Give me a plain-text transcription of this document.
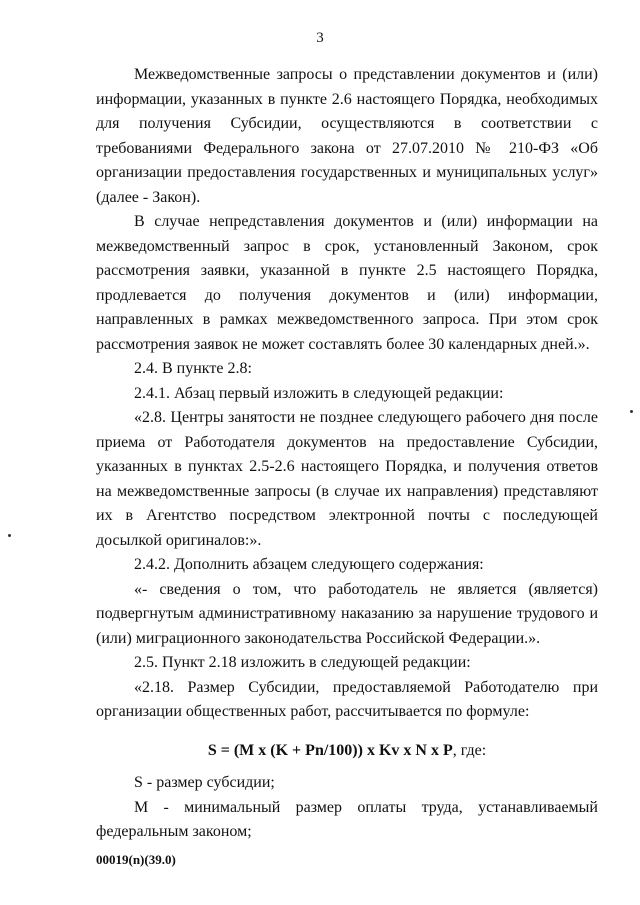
3

Межведомственные запросы о представлении документов и (или) информации, указанных в пункте 2.6 настоящего Порядка, необходимых для получения Субсидии, осуществляются в соответствии с требованиями Федерального закона от 27.07.2010 № 210-ФЗ «Об организации предоставления государственных и муниципальных услуг» (далее - Закон).

В случае непредставления документов и (или) информации на межведомственный запрос в срок, установленный Законом, срок рассмотрения заявки, указанной в пункте 2.5 настоящего Порядка, продлевается до получения документов и (или) информации, направленных в рамках межведомственного запроса. При этом срок рассмотрения заявок не может составлять более 30 календарных дней.».

2.4. В пункте 2.8:

2.4.1. Абзац первый изложить в следующей редакции:

«2.8. Центры занятости не позднее следующего рабочего дня после приема от Работодателя документов на предоставление Субсидии, указанных в пунктах 2.5-2.6 настоящего Порядка, и получения ответов на межведомственные запросы (в случае их направления) представляют их в Агентство посредством электронной почты с последующей досылкой оригиналов:».

2.4.2. Дополнить абзацем следующего содержания:

«- сведения о том, что работодатель не является (является) подвергнутым административному наказанию за нарушение трудового и (или) миграционного законодательства Российской Федерации.».

2.5. Пункт 2.18 изложить в следующей редакции:

«2.18. Размер Субсидии, предоставляемой Работодателю при организации общественных работ, рассчитывается по формуле:

S = (M x (K + Pn/100)) x Kv x N x P, где:

S - размер субсидии;

M - минимальный размер оплаты труда, устанавливаемый федеральным законом;

00019(n)(39.0)
